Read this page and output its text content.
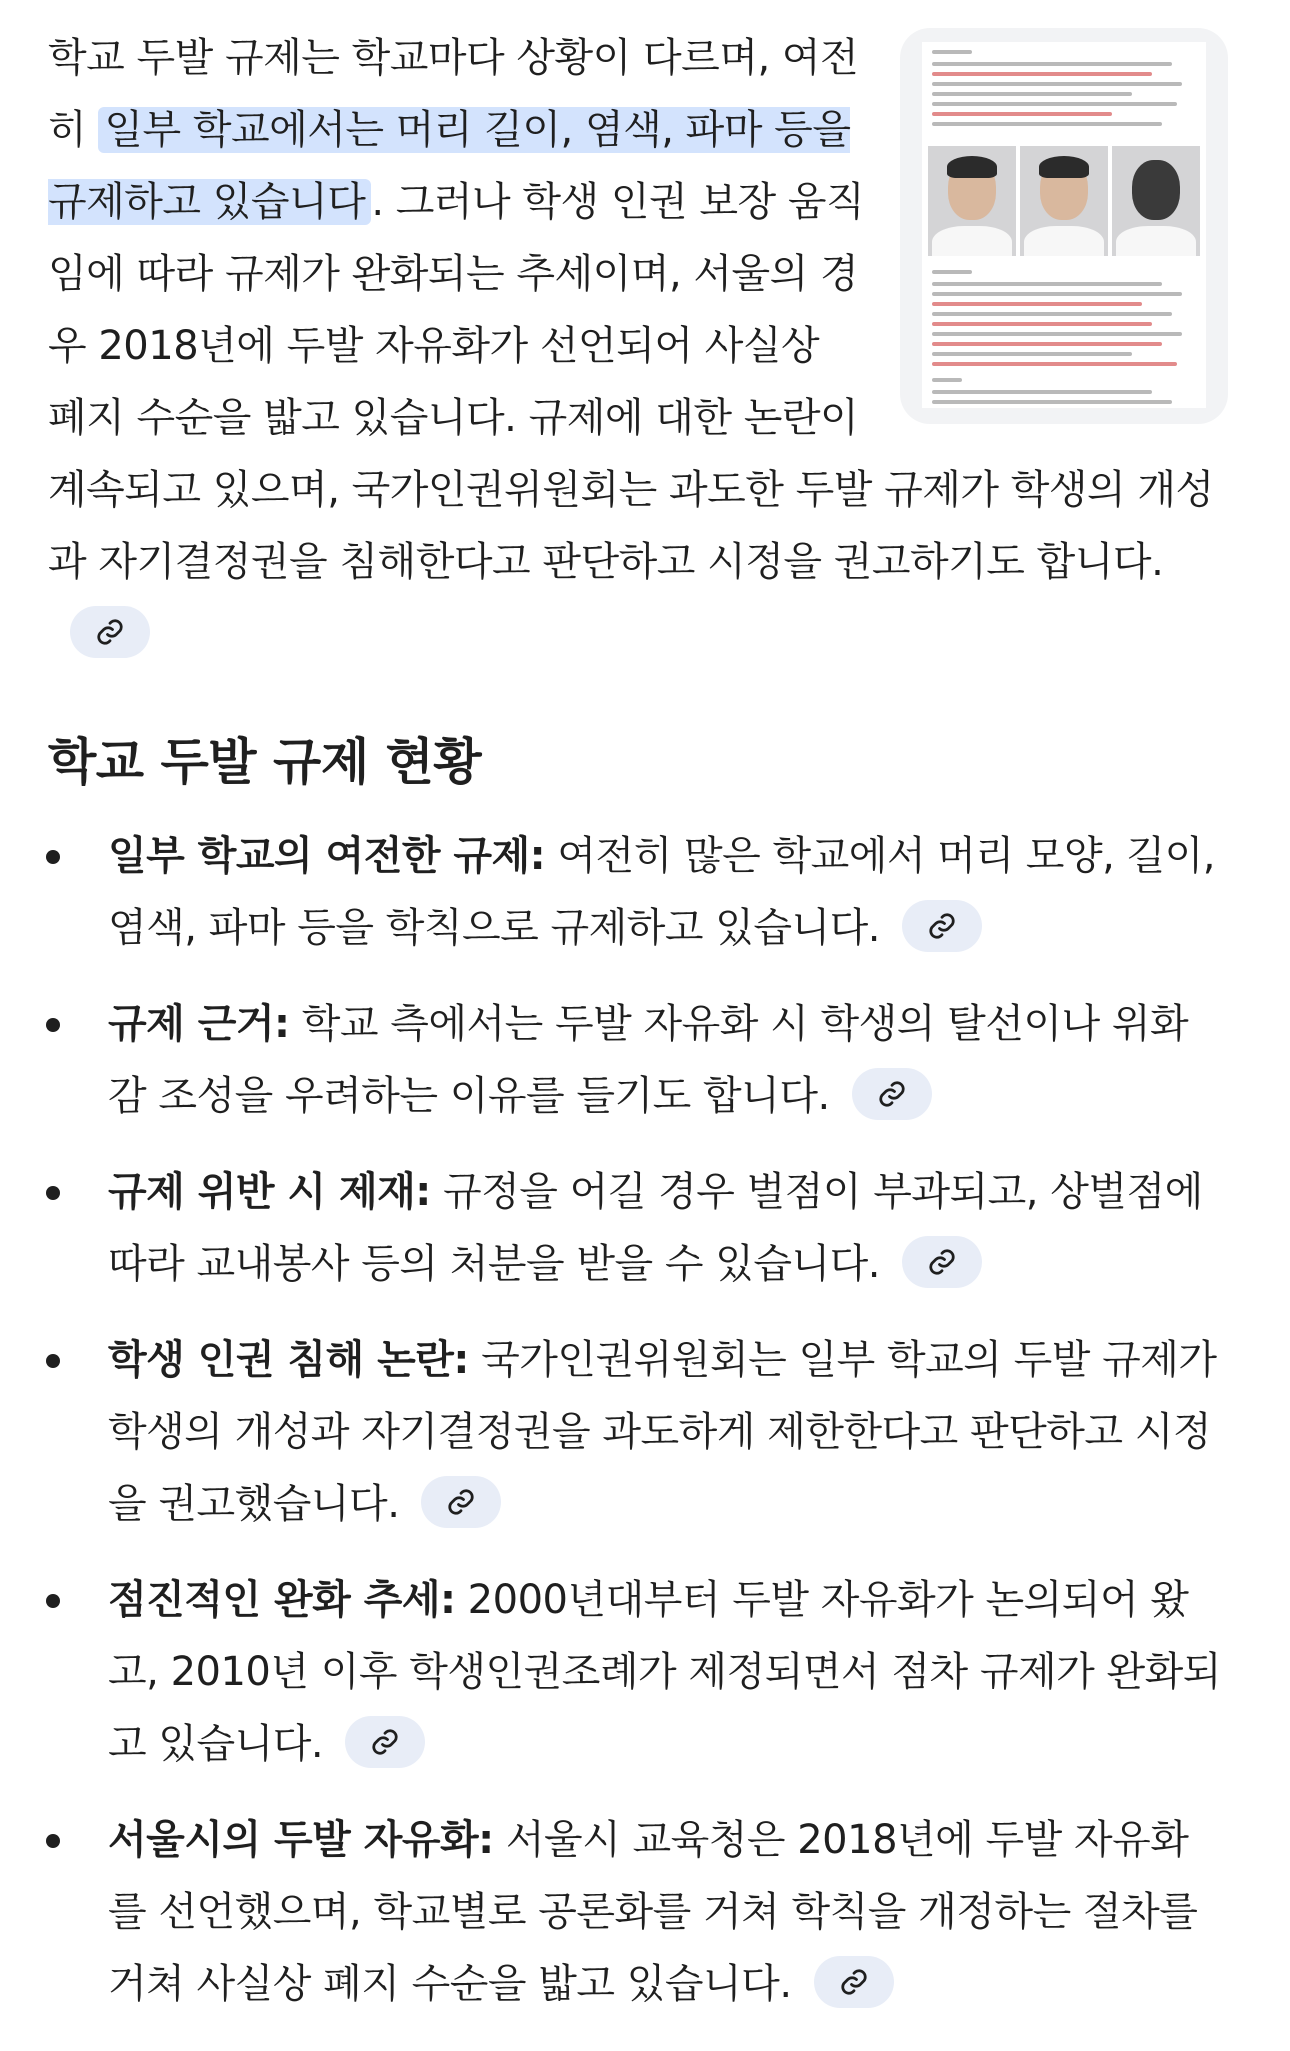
학교 두발 규제는 학교마다 상황이 다르며, 여전히 일부 학교에서는 머리 길이, 염색, 파마 등을 규제하고 있습니다 . 그러나 학생 인권 보장 움직임에 따라 규제가 완화되는 추세이며, 서울의 경우 2018년에 두발 자유화가 선언되어 사실상 폐지 수순을 밟고 있습니다. 규제에 대한 논란이 계속되고 있으며, 국가인권위원회는 과도한 두발 규제가 학생의 개성과 자기결정권을 침해한다고 판단하고 시정을 권고하기도 합니다.
학교 두발 규제 현황
일부 학교의 여전한 규제: 여전히 많은 학교에서 머리 모양, 길이, 염색, 파마 등을 학칙으로 규제하고 있습니다.
규제 근거: 학교 측에서는 두발 자유화 시 학생의 탈선이나 위화감 조성을 우려하는 이유를 들기도 합니다.
규제 위반 시 제재: 규정을 어길 경우 벌점이 부과되고, 상벌점에 따라 교내봉사 등의 처분을 받을 수 있습니다.
학생 인권 침해 논란: 국가인권위원회는 일부 학교의 두발 규제가 학생의 개성과 자기결정권을 과도하게 제한한다고 판단하고 시정을 권고했습니다.
점진적인 완화 추세: 2000년대부터 두발 자유화가 논의되어 왔고, 2010년 이후 학생인권조례가 제정되면서 점차 규제가 완화되고 있습니다.
서울시의 두발 자유화: 서울시 교육청은 2018년에 두발 자유화를 선언했으며, 학교별로 공론화를 거쳐 학칙을 개정하는 절차를 거쳐 사실상 폐지 수순을 밟고 있습니다.
